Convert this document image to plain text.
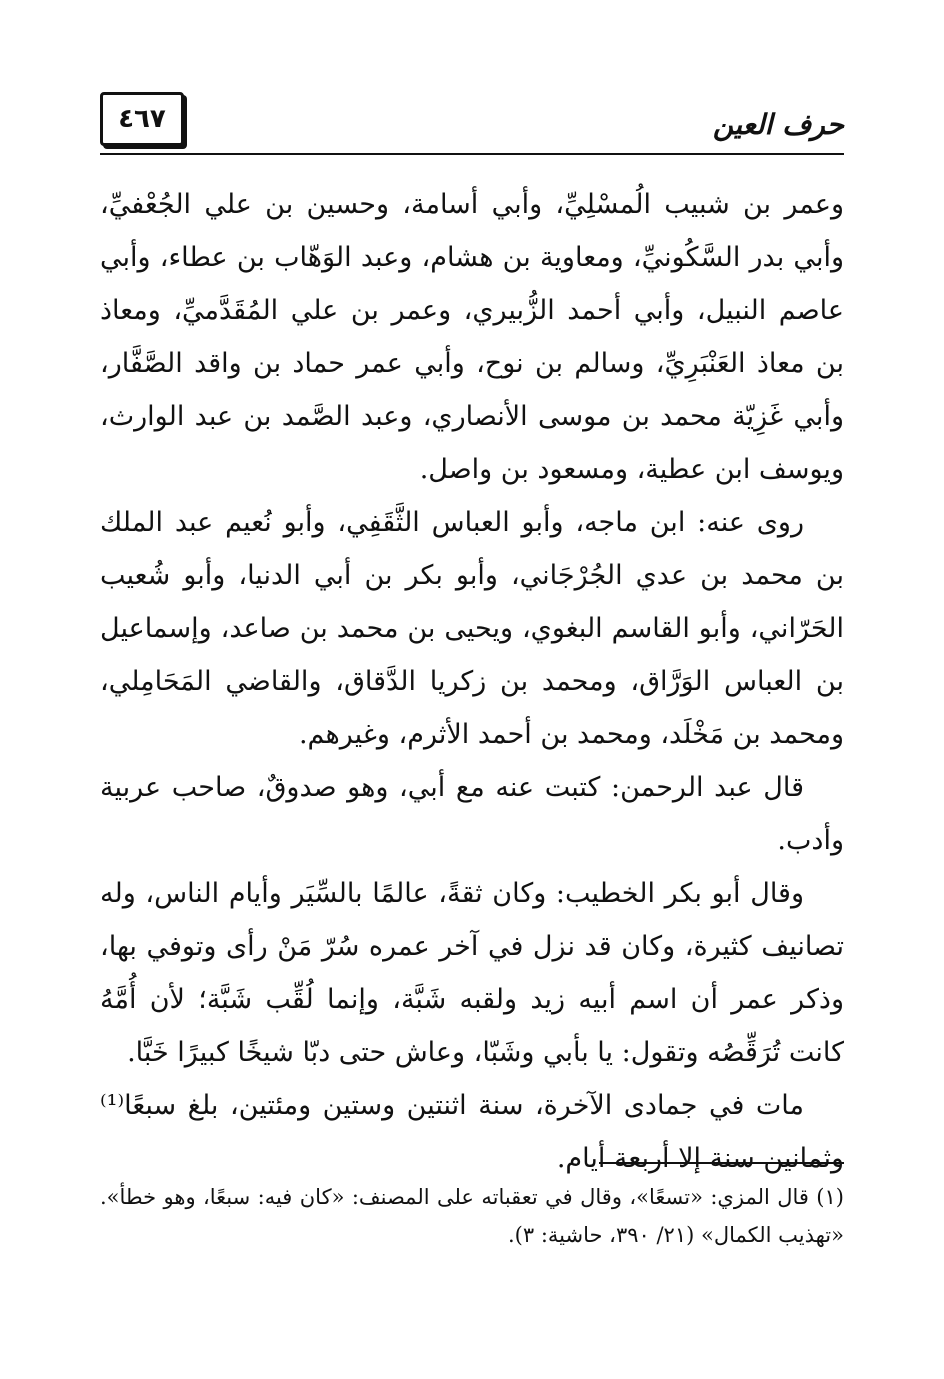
٤٦٧	حرف العين

وعمر بن شبيب الُمسْلِيِّ، وأبي أسامة، وحسين بن علي الجُعْفيِّ، وأبي بدر السَّكُونيِّ، ومعاوية بن هشام، وعبد الوَهّاب بن عطاء، وأبي عاصم النبيل، وأبي أحمد الزُّبيري، وعمر بن علي المُقَدَّميِّ، ومعاذ بن معاذ العَنْبَرِيِّ، وسالم بن نوح، وأبي عمر حماد بن واقد الصَّفَّار، وأبي غَزِيّة محمد بن موسى الأنصاري، وعبد الصَّمد بن عبد الوارث، ويوسف ابن عطية، ومسعود بن واصل.

روى عنه: ابن ماجه، وأبو العباس الثَّقَفِي، وأبو نُعيم عبد الملك بن محمد بن عدي الجُرْجَاني، وأبو بكر بن أبي الدنيا، وأبو شُعيب الحَرّاني، وأبو القاسم البغوي، ويحيى بن محمد بن صاعد، وإسماعيل بن العباس الوَرَّاق، ومحمد بن زكريا الدَّقاق، والقاضي المَحَامِلي، ومحمد بن مَخْلَد، ومحمد بن أحمد الأثرم، وغيرهم.

قال عبد الرحمن: كتبت عنه مع أبي، وهو صدوقٌ، صاحب عربية وأدب.

وقال أبو بكر الخطيب: وكان ثقةً، عالمًا بالسِّيَر وأيام الناس، وله تصانيف كثيرة، وكان قد نزل في آخر عمره سُرّ مَنْ رأى وتوفي بها، وذكر عمر أن اسم أبيه زيد ولقبه شَبَّة، وإنما لُقِّب شَبَّة؛ لأن أُمَّهُ كانت تُرَقِّصُه وتقول: يا بأبي وشَبّا، وعاش حتى دبّا شيخًا كبيرًا خَبَّا.

مات في جمادى الآخرة، سنة اثنتين وستين ومئتين، بلغ سبعًا⁽¹⁾ وثمانين سنة إلا أربعة أيام.

(١) قال المزي: «تسعًا»، وقال في تعقباته على المصنف: «كان فيه: سبعًا، وهو خطأ». «تهذيب الكمال» (٢١/ ٣٩٠، حاشية: ٣).
